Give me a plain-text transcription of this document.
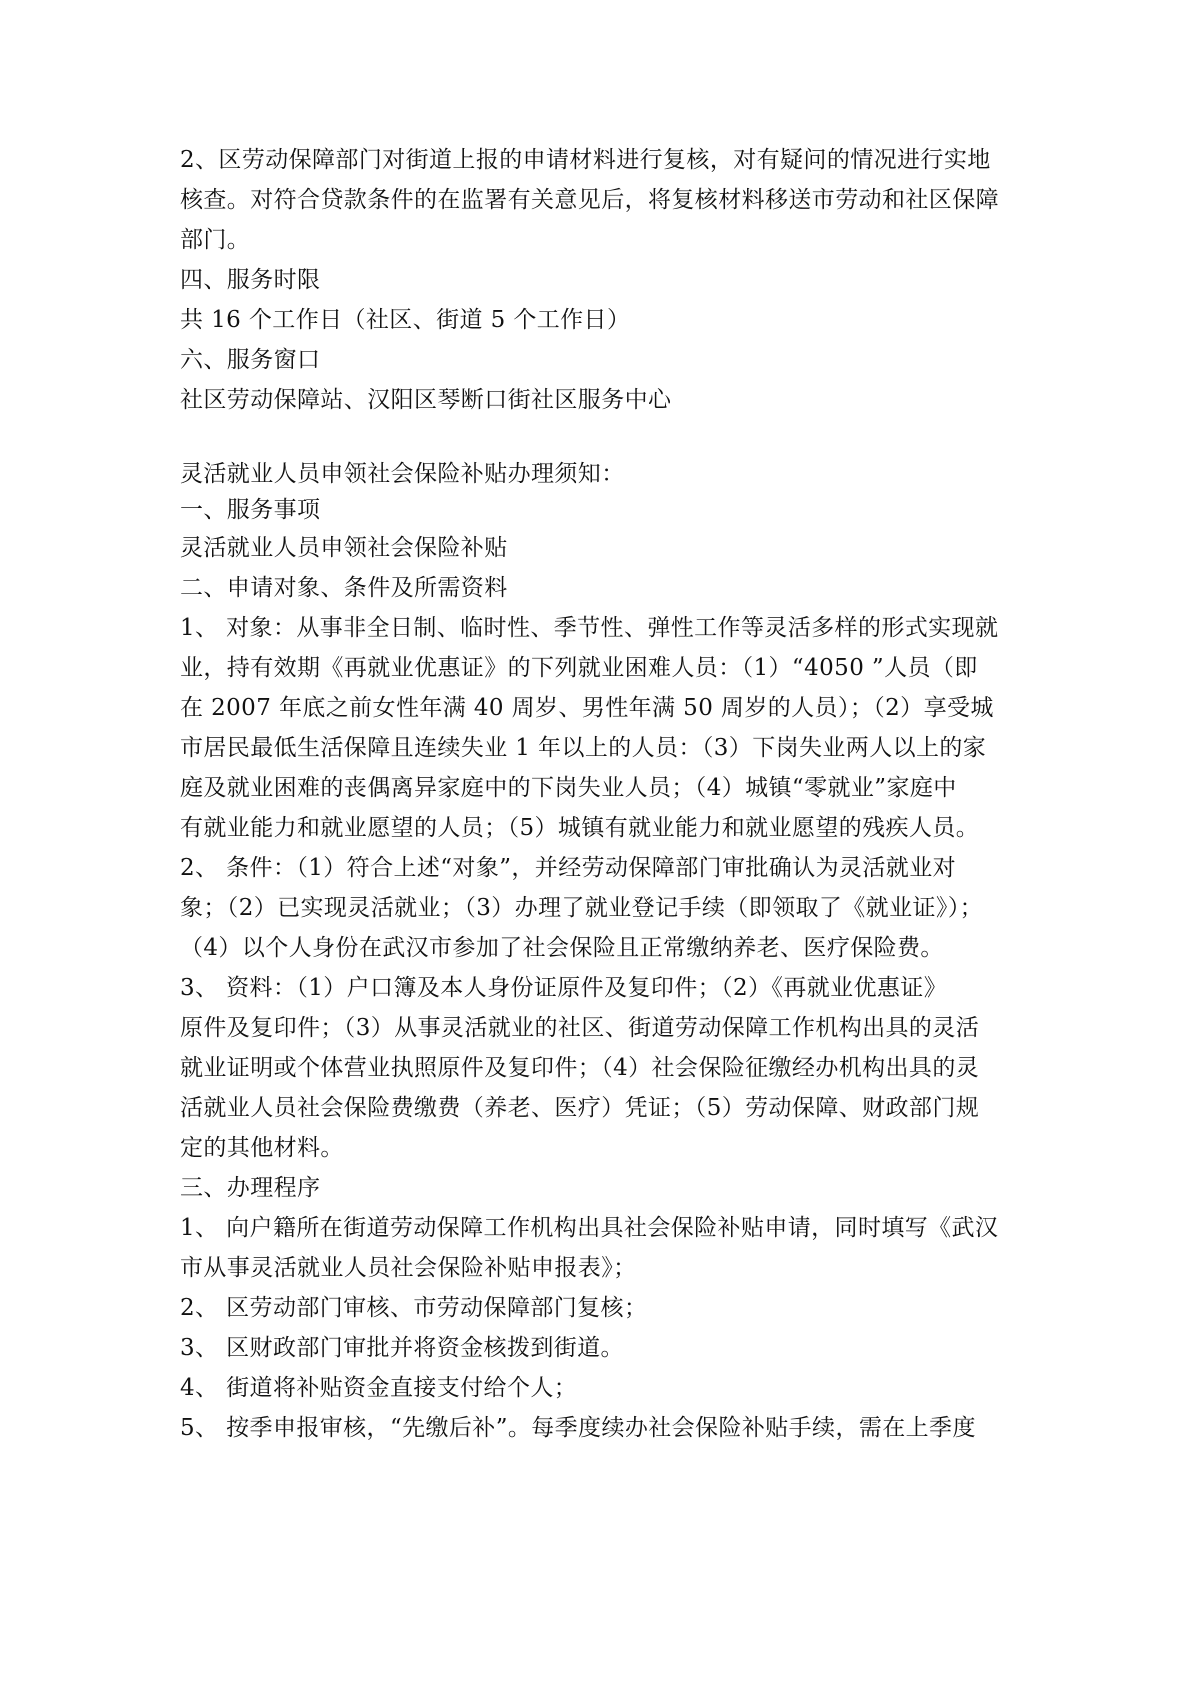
2、区劳动保障部门对街道上报的申请材料进行复核，对有疑问的情况进行实地
核查。对符合贷款条件的在监署有关意见后，将复核材料移送市劳动和社区保障
部门。
四、服务时限
共 16 个工作日（社区、街道 5 个工作日）
六、服务窗口
社区劳动保障站、汉阳区琴断口街社区服务中心
灵活就业人员申领社会保险补贴办理须知：
一、服务事项
灵活就业人员申领社会保险补贴
二、申请对象、条件及所需资料
1、 对象：从事非全日制、临时性、季节性、弹性工作等灵活多样的形式实现就
业，持有效期《再就业优惠证》的下列就业困难人员：（1）“4050 ”人员（即
在 2007 年底之前女性年满 40 周岁、男性年满 50 周岁的人员）；（2）享受城
市居民最低生活保障且连续失业 1 年以上的人员：（3）下岗失业两人以上的家
庭及就业困难的丧偶离异家庭中的下岗失业人员；（4）城镇“零就业”家庭中
有就业能力和就业愿望的人员；（5）城镇有就业能力和就业愿望的残疾人员。
2、 条件：（1）符合上述“对象”，并经劳动保障部门审批确认为灵活就业对
象；（2）已实现灵活就业；（3）办理了就业登记手续（即领取了《就业证》）；
（4）以个人身份在武汉市参加了社会保险且正常缴纳养老、医疗保险费。
3、 资料：（1）户口簿及本人身份证原件及复印件；（2）《再就业优惠证》
原件及复印件；（3）从事灵活就业的社区、街道劳动保障工作机构出具的灵活
就业证明或个体营业执照原件及复印件；（4）社会保险征缴经办机构出具的灵
活就业人员社会保险费缴费（养老、医疗）凭证；（5）劳动保障、财政部门规
定的其他材料。
三、办理程序
1、 向户籍所在街道劳动保障工作机构出具社会保险补贴申请，同时填写《武汉
市从事灵活就业人员社会保险补贴申报表》；
2、 区劳动部门审核、市劳动保障部门复核；
3、 区财政部门审批并将资金核拨到街道。
4、 街道将补贴资金直接支付给个人；
5、 按季申报审核，“先缴后补”。每季度续办社会保险补贴手续，需在上季度
